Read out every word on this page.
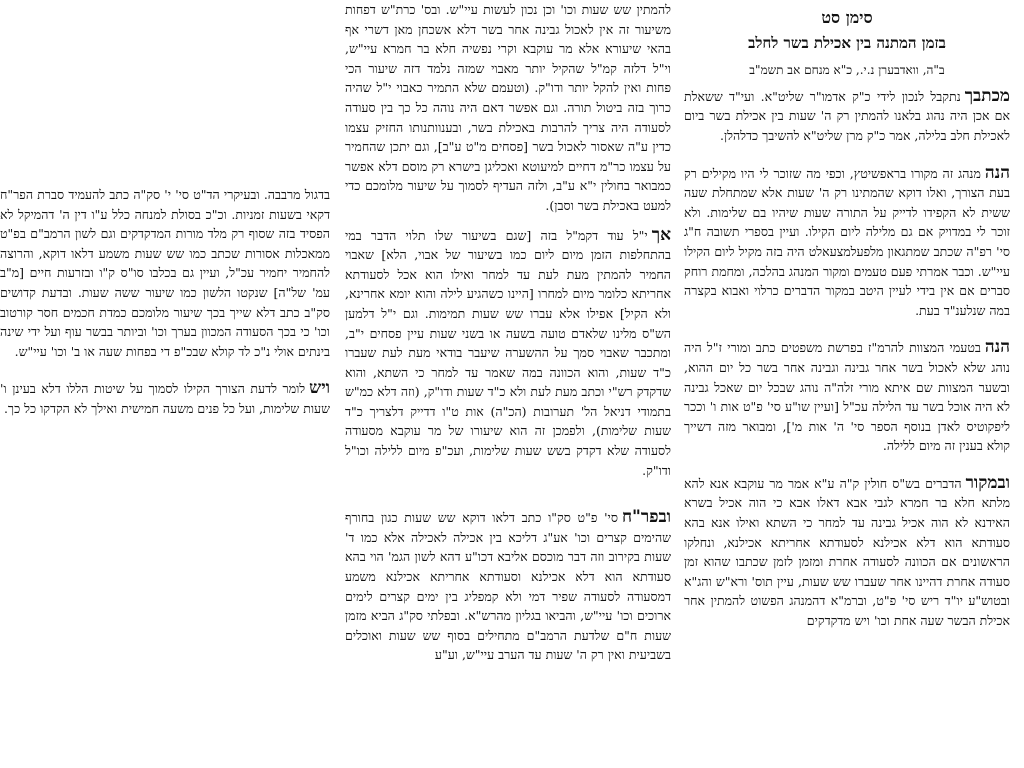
סימן סט
בזמן המתנה בין אכילת בשר לחלב
ב"ה, וואדבערן נ.י., כ"א מנחם אב תשמ"ב

מכתבךנתקבל לנכון לידי כ"ק אדמו"ר שליט"א. ועי"ד ששאלת אם אכן היה נהוג בלאנו להמתין רק ה' שעות בין אכילת בשר ביום לאכילת חלב בלילה, אמר כ"ק מרן שליט"א להשיבך כדלהלן.

הנהמנהג זה מקורו בראפשיטץ, וכפי מה שזוכר לי היו מקילים רק בעת הצורך, ואלו דוקא שהמתינו רק ה' שעות אלא שמתחלת שעה ששית לא הקפידו לדייק על התורה שעות שיהיו בם שלימות. ולא זוכר לי במדויק אם גם מלילה ליום הקילו. ועיין בספרי תשובה ח"ג סי' רפ"ה שכתב שמתגאון מלפעלמצעאלט היה בזה מקיל ליום הקילו עיי"ש. וכבר אמרתי פעם טעמים ומקור המנהג בהלכה, ומחמת רוחק סברים אם אין בידי לעיין היטב במקור הדברים כרלוי ואבוא בקצרה במה שנלענ"ד בעת.

הנהבטעמי המצוות להרמ"ז בפרשת משפטים כתב ומורי ז"ל היה נוהג שלא לאכול בשר אחר גבינה וגבינה אחר בשר כל יום ההוא, ובשער המצוות שם איתא מורי זלה"ה נוהג שבכל יום שאכל גבינה לא היה אוכל בשר עד הלילה עכ"ל [ועיין שו"ע סי' פ"ט אות ו' וככר ליפקוטיס לאדן בנוסף הספר סי' ה' אות מ'], ומבואר מזה דשייך קולא בענין זה מיום ללילה.

ובמקורהדברים בש"ס חולין ק"ה ע"א אמר מר עוקבא אנא להא מלתא חלא בר חמרא לגבי אבא דאלו אבא כי הוה אכיל בשרא האידנא לא הוה אכיל גבינה עד למחר כי השתא ואילו אנא בהא סעודתא הוא דלא אכילנא לסעודתא אחריתא אכילנא, ונחלקו הראשונים אם הכוונה לסעודה אחרת ומזמן לזמן שכתבו שהוא זמן סעודה אחרת דהיינו אחר שעברו שש שעות, עיין תוס' ורא"ש והג"א ובטוש"ע יו"ד ריש סי' פ"ט, וברמ"א דהמנהג הפשוט להמתין אחר אכילת הבשר שעה אחת וכו' ויש מדקדקים

להמתין שש שעות וכו' וכן נכון לעשות עיי"ש. ובס' כרת"ש דפחות משיעור זה אין לאכול גבינה אחר בשר דלא אשכחן מאן דשרי אף בהאי שיעורא אלא מר עוקבא וקרי נפשיה חלא בר חמרא עיי"ש, וי"ל דלזה קמ"ל שהקיל יותר מאבוי שמזה נלמד דזה שיעור הכי פחות ואין להקל יותר ודו"ק. (וטעמם שלא התמיר כאבוי י"ל שהיה כרוך בזה ביטול תורה. וגם אפשר דאם היה נוהה כל כך בין סעודה לסעודה היה צריך להרבות באכילת בשר, ובענוותנותו החזיק עצמו כדין ע"ה שאסור לאכול בשר [פסחים מ"ט ע"ב], וגם יתכן שהחמיר על עצמו כר"מ דחיים למיעוטא ואכליגן בישרא רק מוסם דלא אפשר כמבואר בחולין י"א ע"ב, ולזה העדיף לסמוך על שיעור מלומכם כדי למעט באכילת בשר וסבן).

אךי"ל עוד דקמ"ל בזה [שגם בשיעור שלו תלוי הדבר במי בהתחלפות הזמן מיום ליום כמו בשיעור של אבוי, הלא] שאבוי החמיר להמתין מעת לעת עד למחר ואילו הוא אכל לסעודתא אחריתא כלומר מיום למחרו [היינו כשהגיע לילה והוא יומא אחרינא, ולא הקיל] אפילו אלא עברו שש שעות תמימות. וגם י"ל דלמען הש"ס מלינו שלאדם טועה בשעה או בשני שעות עיין פסחים י"ב, ומתכבר שאבוי סמך על ההשערה שיעבר בודאי מעת לעת שעברו כ"ד שעות, והוא הכוונה במה שאמר עד למחר כי השתא, והוא שדקדק רש"י וכתב מעת לעת ולא כ"ד שעות ודו"ק, (וזה דלא כמ"ש בתמודי דניאל הל' תערובות (הכ"ה) אות ט"ו דדייק דלצריך כ"ד שעות שלימות), ולפמכן זה הוא שיעורו של מר עוקבא מסעודה לסעודה שלא דקדק בשש שעות שלימות, ועכ"פ מיום ללילה וכו"ל ודו"ק.

ובפר"חסי' פ"ט סק"ו כתב דלאו דוקא שש שעות כגון בחורף שהימים קצרים וכו' אע"ג דליכא בין אכילה לאכילה אלא כמו ד' שעות בקירוב וזה דבר מוכסם אליבא דכו"ע דהא לשון הגמ' הוי בהא סעודתא הוא דלא אכילנא וסעודתא אחריתא אכילנא משמע דמסעודה לסעודה שפיר דמי ולא קמפליג בין ימים קצרים לימים ארוכים וכו' עיי"ש, והביאו בגליון מהרש"א. ובפלתי סק"ג הביא מזמן שעות ח"ם שלדעת הרמב"ם מתחילים בסוף שש שעות ואוכלים בשביעית ואין רק ה' שעות עד הערב עיי"ש, וע"ע

בדגול מרבבה. ובעיקרי הד"ט סי' י' סק"ה כתב להעמיד סברת הפר"ח דקאי בשעות זמניות. וכ"כ בסולת למנחה כלל ע"ו דין ה' דהמיקל לא הפסיד בזה שסוף רק מלד מורות המדקדקים וגם לשון הרמב"ם בפ"ט ממאכלות אסורות שכתב כמו שש שעות משמע דלאו דוקא, והרוצה להחמיר יחמיר עכ"ל, ועיין גם בכלבו סו"ס ק"ו ובזרעות חיים [מ"ב עמ' של"ה] שנקטו הלשון כמו שיעור ששה שעות. ובדעת קדושים סק"ב כתב דלא שייך בכך שיעור מלומכם כמדת חכמים חסר קורטוב וכו' כי בכך הסעודה המכוון בערך וכו' וביותר בבשר עוף ועל ידי שינה בינתים אולי נ"כ לד קולא שבכ"פ די בפחות שעה או ב' וכו' עיי"ש.

וישלומר לדעת הצורך הקילו לסמוך על שיטות הללו דלא בעינן ו' שעות שלימות, ועל כל פנים משעה חמישית ואילך לא הקדקו כל כך.
